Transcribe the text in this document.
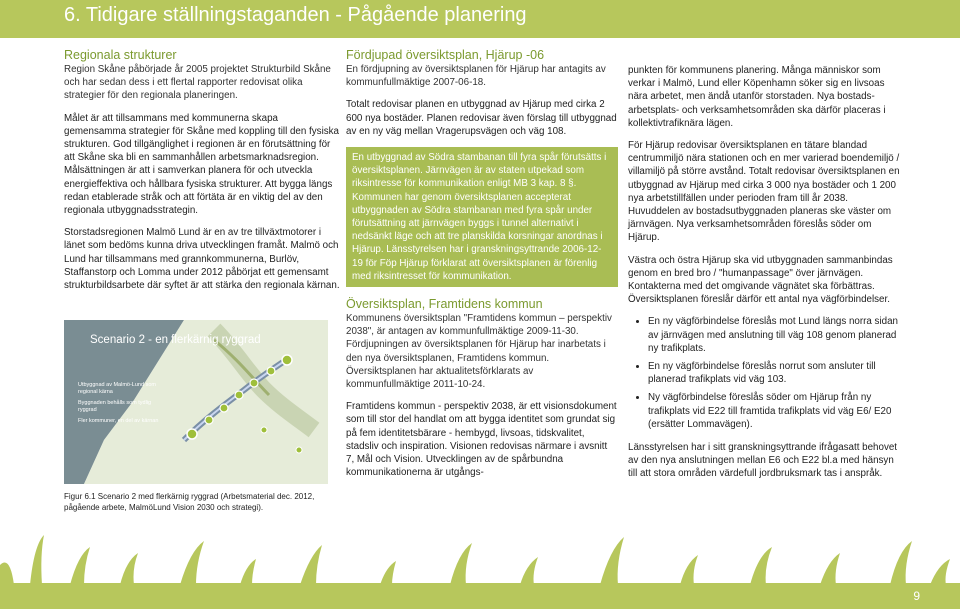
6. Tidigare ställningstaganden - Pågående planering
Regionala strukturer

Region Skåne påbörjade år 2005 projektet Strukturbild Skåne och har sedan dess i ett flertal rapporter redovisat olika strategier för den regionala planeringen.

Målet är att tillsammans med kommunerna skapa gemensamma strategier för Skåne med koppling till den fysiska strukturen. God tillgänglighet i regionen är en förutsättning för att Skåne ska bli en sammanhållen arbetsmarknadsregion. Målsättningen är att i samverkan planera för och utveckla energieffektiva och hållbara fysiska strukturer. Att bygga längs redan etablerade stråk och att förtäta är en viktig del av den regionala utbyggnadsstrategin.

Storstadsregionen Malmö Lund är en av tre tillväxtmotorer i länet som bedöms kunna driva utvecklingen framåt. Malmö och Lund har tillsammans med grannkommunerna, Burlöv, Staffanstorp och Lomma under 2012 påbörjat ett gemensamt strukturbildsarbete där syftet är att stärka den regionala kärnan.

Scenario 2 - en flerkärnig ryggrad
Utbyggnad av Malmö-Lund som regional kärna
Byggnaden behålls som tydlig ryggrad
Fler kommuner, en del av kärnan
Figur 6.1 Scenario 2 med flerkärnig ryggrad (Arbetsmaterial dec. 2012, pågående arbete, MalmöLund Vision 2030 och strategi).
Fördjupad översiktsplan, Hjärup -06

En fördjupning av översiktsplanen för Hjärup har antagits av kommunfullmäktige 2007-06-18.

Totalt redovisar planen en utbyggnad av Hjärup med cirka 2 600 nya bostäder. Planen redovisar även förslag till utbyggnad av en ny väg mellan Vragerupsvägen och väg 108.

En utbyggnad av Södra stambanan till fyra spår förutsätts i översiktsplanen. Järnvägen är av staten utpekad som riksintresse för kommunikation enligt MB 3 kap. 8 §. Kommunen har genom översiktsplanen accepterat utbyggnaden av Södra stambanan med fyra spår under förutsättning att järnvägen byggs i tunnel alternativt i nedsänkt läge och att tre planskilda korsningar anordnas i Hjärup. Länsstyrelsen har i granskningsyttrande 2006-12-19 för Föp Hjärup förklarat att översiktsplanen är förenlig med riksintresset för kommunikation.

Översiktsplan, Framtidens kommun

Kommunens översiktsplan "Framtidens kommun – perspektiv 2038", är antagen av kommunfullmäktige 2009-11-30. Fördjupningen av översiktsplanen för Hjärup har inarbetats i den nya översiktsplanen, Framtidens kommun. Översiktsplanen har aktualitetsförklarats av kommunfullmäktige 2011-10-24.

Framtidens kommun - perspektiv 2038, är ett visionsdokument som till stor del handlat om att bygga identitet som grundat sig på fem identitetsbärare - hembygd, livsoas, tidskvalitet, stadsliv och inspiration. Visionen redovisas närmare i avsnitt 7, Mål och Vision. Utvecklingen av de spårbundna kommunikationerna är utgångs-

punkten för kommunens planering. Många människor som verkar i Malmö, Lund eller Köpenhamn söker sig en livsoas nära arbetet, men ändå utanför storstaden. Nya bostads- arbetsplats- och verksamhetsområden ska därför placeras i kollektivtrafiknära lägen.

För Hjärup redovisar översiktsplanen en tätare blandad centrummiljö nära stationen och en mer varierad boendemiljö / villamiljö på större avstånd. Totalt redovisar översiktsplanen en utbyggnad av Hjärup med cirka 3 000 nya bostäder och 1 200 nya arbetstillfällen under perioden fram till år 2038. Huvuddelen av bostadsutbyggnaden planeras ske väster om järnvägen. Nya verksamhetsområden föreslås söder om Hjärup.

Västra och östra Hjärup ska vid utbyggnaden sammanbindas genom en bred bro / "humanpassage" över järnvägen. Kontakterna med det omgivande vägnätet ska förbättras. Översiktsplanen föreslår därför ett antal nya vägförbindelser.

• En ny vägförbindelse föreslås mot Lund längs norra sidan av järnvägen med anslutning till väg 108 genom planerad ny trafikplats.
• En ny vägförbindelse föreslås norrut som ansluter till planerad trafikplats vid väg 103.
• Ny vägförbindelse föreslås söder om Hjärup från ny trafikplats vid E22 till framtida trafikplats vid väg E6/ E20 (ersätter Lommavägen).

Länsstyrelsen har i sitt granskningsyttrande ifrågasatt behovet av den nya anslutningen mellan E6 och E22 bl.a med hänsyn till att stora områden värdefull jordbruksmark tas i anspråk.

9
